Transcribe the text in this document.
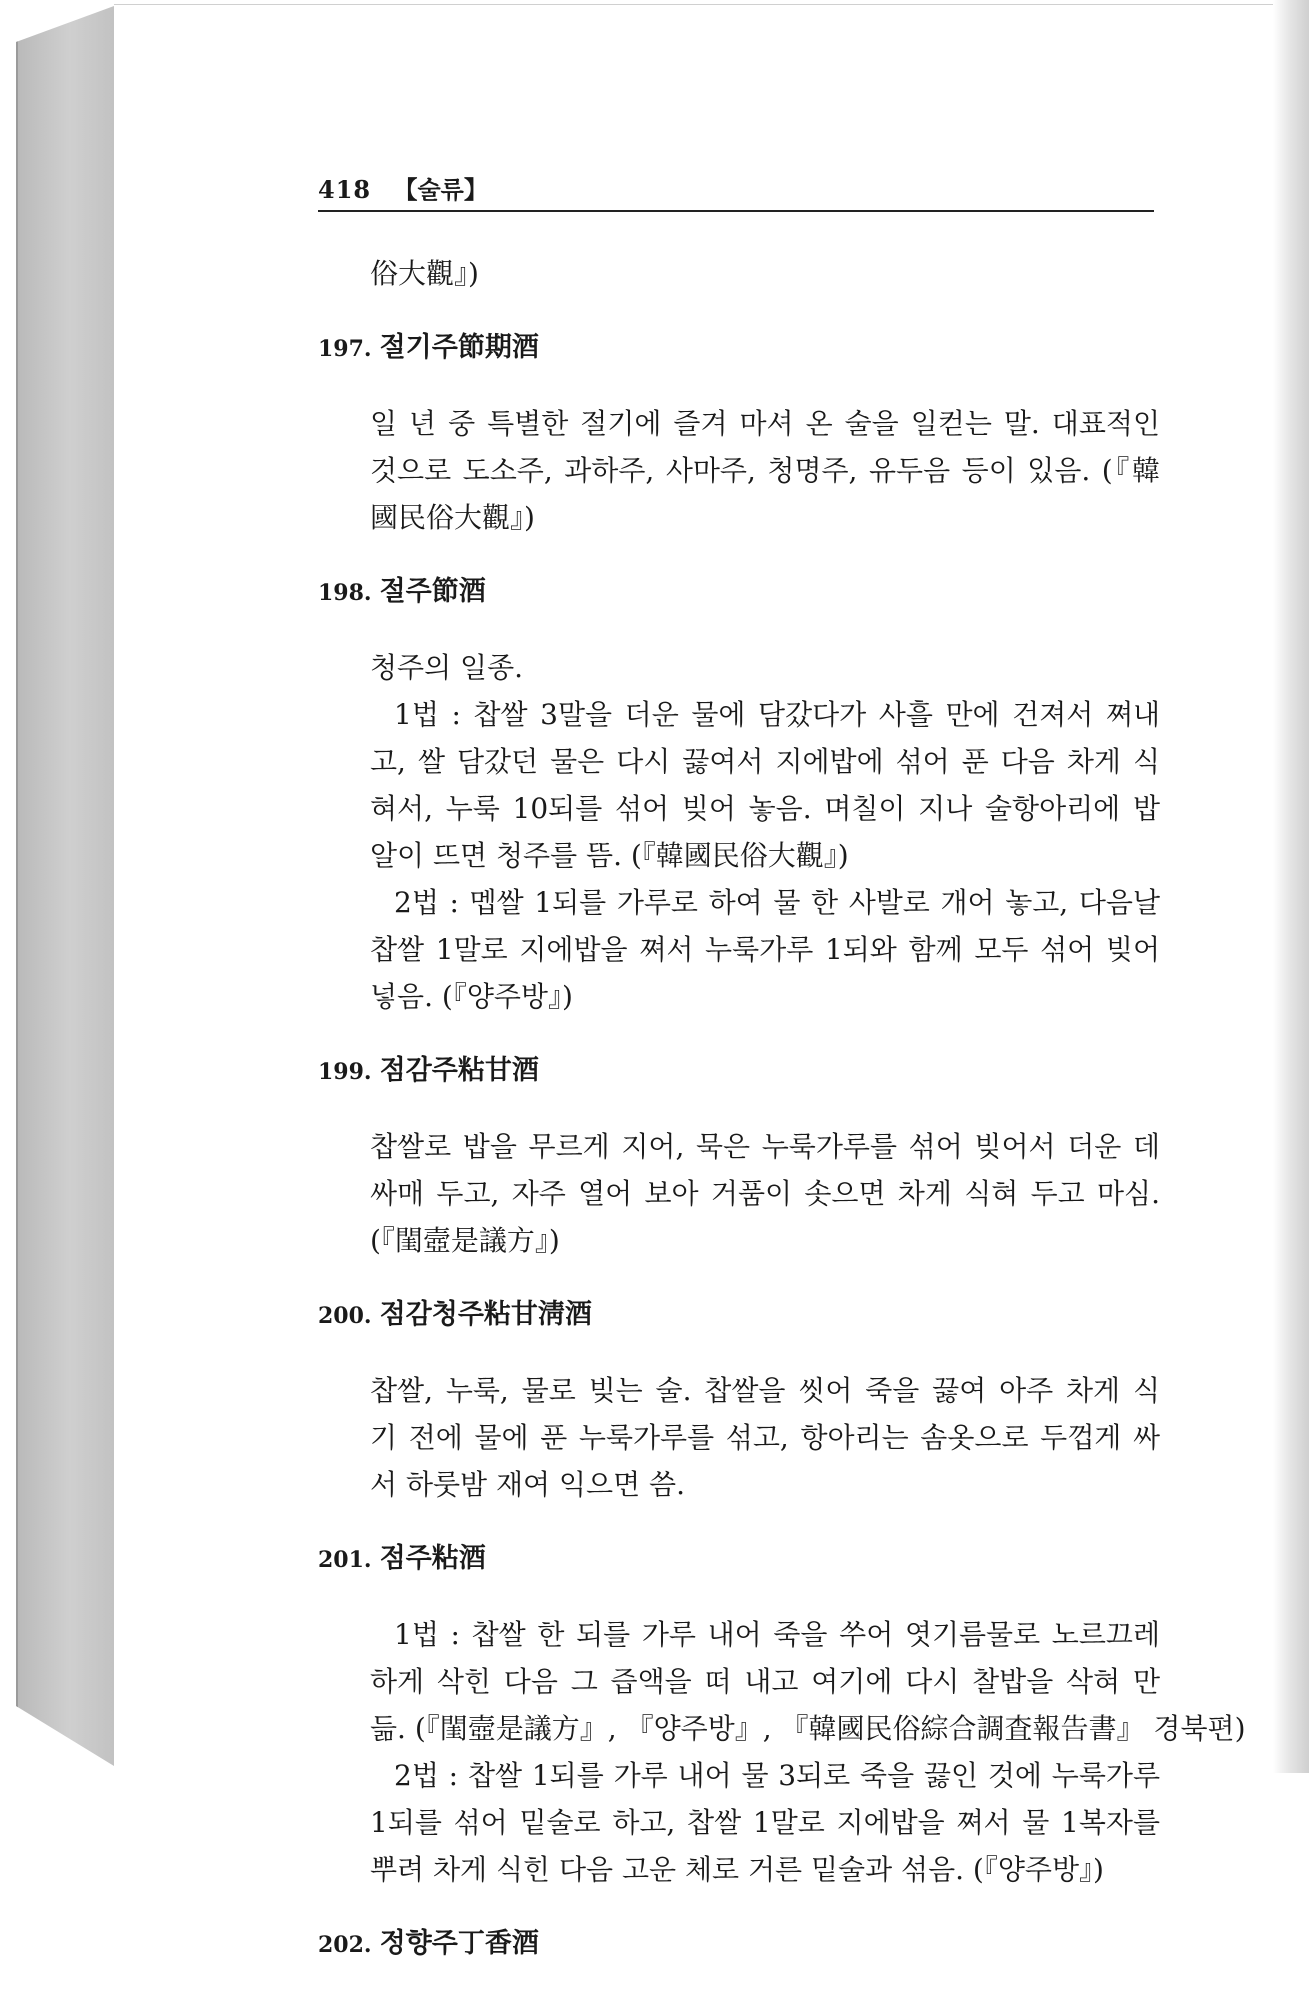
418 【술류】

俗大觀』)

197. 절기주節期酒

일 년 중 특별한 절기에 즐겨 마셔 온 술을 일컫는 말. 대표적인

것으로 도소주, 과하주, 사마주, 청명주, 유두음 등이 있음. (『韓

國民俗大觀』)

198. 절주節酒

청주의 일종.

1법 : 찹쌀 3말을 더운 물에 담갔다가 사흘 만에 건져서 쪄내

고, 쌀 담갔던 물은 다시 끓여서 지에밥에 섞어 푼 다음 차게 식

혀서, 누룩 10되를 섞어 빚어 놓음. 며칠이 지나 술항아리에 밥

알이 뜨면 청주를 뜸. (『韓國民俗大觀』)

2법 : 멥쌀 1되를 가루로 하여 물 한 사발로 개어 놓고, 다음날

찹쌀 1말로 지에밥을 쪄서 누룩가루 1되와 함께 모두 섞어 빚어

넣음. (『양주방』)

199. 점감주粘甘酒

찹쌀로 밥을 무르게 지어, 묵은 누룩가루를 섞어 빚어서 더운 데

싸매 두고, 자주 열어 보아 거품이 솟으면 차게 식혀 두고 마심.

(『閨壼是議方』)

200. 점감청주粘甘淸酒

찹쌀, 누룩, 물로 빚는 술. 찹쌀을 씻어 죽을 끓여 아주 차게 식

기 전에 물에 푼 누룩가루를 섞고, 항아리는 솜옷으로 두껍게 싸

서 하룻밤 재여 익으면 씀.

201. 점주粘酒

1법 : 찹쌀 한 되를 가루 내어 죽을 쑤어 엿기름물로 노르끄레

하게 삭힌 다음 그 즙액을 떠 내고 여기에 다시 찰밥을 삭혀 만

듦. (『閨壼是議方』, 『양주방』, 『韓國民俗綜合調査報告書』 경북편)

2법 : 찹쌀 1되를 가루 내어 물 3되로 죽을 끓인 것에 누룩가루

1되를 섞어 밑술로 하고, 찹쌀 1말로 지에밥을 쪄서 물 1복자를

뿌려 차게 식힌 다음 고운 체로 거른 밑술과 섞음. (『양주방』)

202. 정향주丁香酒
